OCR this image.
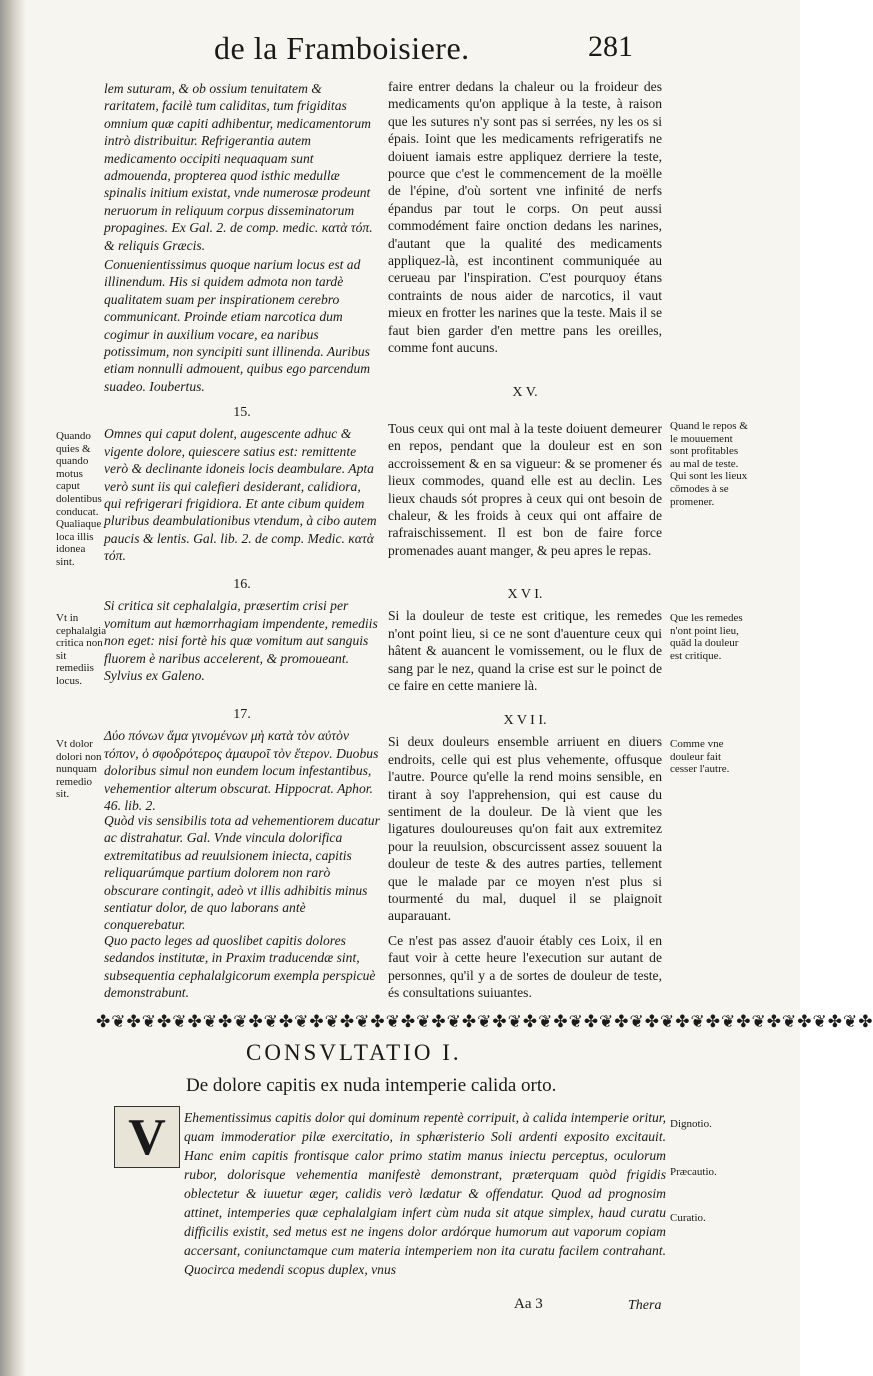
de la Framboisiere.	281

lem suturam, & ob ossium tenuitatem & raritatem, facilè tum caliditas, tum frigiditas omnium quæ capiti adhibentur, medicamentorum intrò distribuitur. Refrigerantia autem medicamento occipiti nequaquam sunt admouenda, propterea quod isthic medullæ spinalis initium existat, vnde numerosæ prodeunt neruorum in reliquum corpus disseminatorum propagines. Ex Gal. 2. de comp. medic. κατὰ τόπ. & reliquis Græcis.

Conuenientissimus quoque narium locus est ad illinendum. His si quidem admota non tardè qualitatem suam per inspirationem cerebro communicant. Proinde etiam narcotica dum cogimur in auxilium vocare, ea naribus potissimum, non syncipiti sunt illinenda. Auribus etiam nonnulli admouent, quibus ego parcendum suadeo. Ioubertus.

15.

Omnes qui caput dolent, augescente adhuc & vigente dolore, quiescere satius est: remittente verò & declinante idoneis locis deambulare. Apta verò sunt iis qui calefieri desiderant, calidiora, qui refrigerari frigidiora. Et ante cibum quidem pluribus deambulationibus vtendum, à cibo autem paucis & lentis. Gal. lib. 2. de comp. Medic. κατὰ τόπ.

16.

Si critica sit cephalalgia, præsertim crisi per vomitum aut hæmorrhagiam impendente, remediis non eget: nisi fortè his quæ vomitum aut sanguis fluorem è naribus accelerent, & promoueant. Sylvius ex Galeno.

17.

Δύο πόνων ἅμα γινομένων μὴ κατὰ τὸν αὐτὸν τόπον, ὁ σφοδρότερος ἀμαυροῖ τὸν ἕτερον. Duobus doloribus simul non eundem locum infestantibus, vehementior alterum obscurat. Hippocrat. Aphor. 46. lib. 2.

Quòd vis sensibilis tota ad vehementiorem ducatur ac distrahatur. Gal. Vnde vincula dolorifica extremitatibus ad reuulsionem iniecta, capitis reliquarúmque partium dolorem non rarò obscurare contingit, adeò vt illis adhibitis minus sentiatur dolor, de quo laborans antè conquerebatur.

Quo pacto leges ad quoslibet capitis dolores sedandos institutæ, in Praxim traducendæ sint, subsequentia cephalalgicorum exempla perspicuè demonstrabunt.

faire entrer dedans la chaleur ou la froideur des medicaments qu'on applique à la teste, à raison que les sutures n'y sont pas si serrées, ny les os si épais. Ioint que les medicaments refrigeratifs ne doiuent iamais estre appliquez derriere la teste, pource que c'est le commencement de la moëlle de l'épine, d'où sortent vne infinité de nerfs épandus par tout le corps. On peut aussi commodément faire onction dedans les narines, d'autant que la qualité des medicaments appliquez-là, est incontinent communiquée au cerueau par l'inspiration. C'est pourquoy étans contraints de nous aider de narcotics, il vaut mieux en frotter les narines que la teste. Mais il se faut bien garder d'en mettre pans les oreilles, comme font aucuns.

X V.

Tous ceux qui ont mal à la teste doiuent demeurer en repos, pendant que la douleur est en son accroissement & en sa vigueur: & se promener és lieux commodes, quand elle est au declin. Les lieux chauds sót propres à ceux qui ont besoin de chaleur, & les froids à ceux qui ont affaire de rafraischissement. Il est bon de faire force promenades auant manger, & peu apres le repas.

X V I.

Si la douleur de teste est critique, les remedes n'ont point lieu, si ce ne sont d'auenture ceux qui hâtent & auancent le vomissement, ou le flux de sang par le nez, quand la crise est sur le poinct de ce faire en cette maniere là.

X V I I.

Si deux douleurs ensemble arriuent en diuers endroits, celle qui est plus vehemente, offusque l'autre. Pource qu'elle la rend moins sensible, en tirant à soy l'apprehension, qui est cause du sentiment de la douleur. De là vient que les ligatures douloureuses qu'on fait aux extremitez pour la reuulsion, obscurcissent assez souuent la douleur de teste & des autres parties, tellement que le malade par ce moyen n'est plus si tourmenté du mal, duquel il se plaignoit auparauant.

Ce n'est pas assez d'auoir étably ces Loix, il en faut voir à cette heure l'execution sur autant de personnes, qu'il y a de sortes de douleur de teste, és consultations suiuantes.

Quando quies & quando motus caput dolentibus conducat. Qualiaque loca illis idonea sint.
Vt in cephalalgia critica non sit remediis locus.
Vt dolor dolori non nunquam remedio sit.
Quand le repos & le mouuement sont profitables au mal de teste. Qui sont les lieux cōmodes à se promener.
Que les remedes n'ont point lieu, quād la douleur est critique.
Comme vne douleur fait cesser l'autre.
Dignotio.
Præcautio.
Curatio.
✤❦✤❦✤❦✤❦✤❦✤❦✤❦✤❦✤❦✤❦✤❦✤❦✤❦✤❦✤❦✤❦✤❦✤❦✤❦✤❦✤❦✤❦✤❦✤❦✤❦✤
CONSVLTATIO I.
De dolore capitis ex nuda intemperie calida orto.
V	Ehementissimus capitis dolor qui dominum repentè corripuit, à calida intemperie oritur, quam immoderatior pilæ exercitatio, in sphæristerio Soli ardenti exposito excitauit. Hanc enim capitis frontisque calor primo statim manus iniectu perceptus, oculorum rubor, dolorisque vehementia manifestè demonstrant, præterquam quòd frigidis oblectetur & iuuetur æger, calidis verò lædatur & offendatur. Quod ad prognosim attinet, intemperies quæ cephalalgiam infert cùm nuda sit atque simplex, haud curatu difficilis existit, sed metus est ne ingens dolor ardórque humorum aut vaporum copiam accersant, coniunctamque cum materia intemperiem non ita curatu facilem contrahant. Quocirca medendi scopus duplex, vnus

Aa 3	Thera
